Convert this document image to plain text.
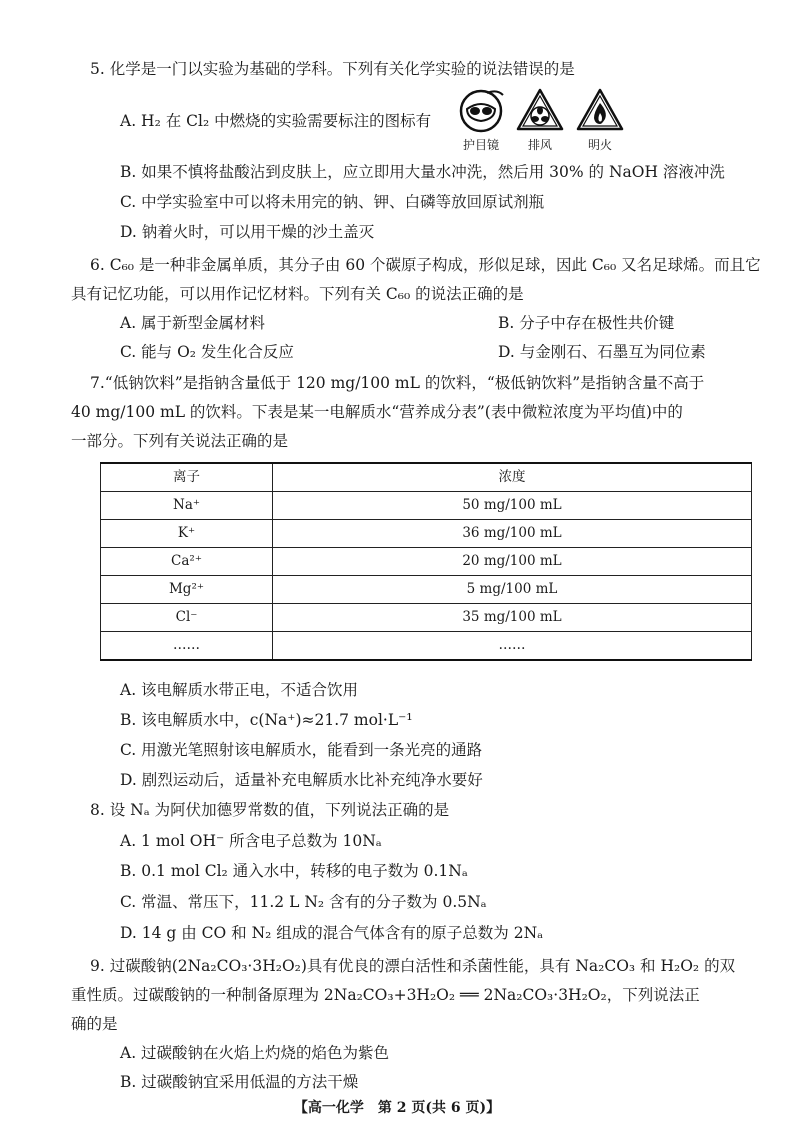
5. 化学是一门以实验为基础的学科。下列有关化学实验的说法错误的是
A. H₂ 在 Cl₂ 中燃烧的实验需要标注的图标有
护目镜	排风	明火
B. 如果不慎将盐酸沾到皮肤上，应立即用大量水冲洗，然后用 30% 的 NaOH 溶液冲洗
C. 中学实验室中可以将未用完的钠、钾、白磷等放回原试剂瓶
D. 钠着火时，可以用干燥的沙土盖灭
6. C₆₀ 是一种非金属单质，其分子由 60 个碳原子构成，形似足球，因此 C₆₀ 又名足球烯。而且它
具有记忆功能，可以用作记忆材料。下列有关 C₆₀ 的说法正确的是
A. 属于新型金属材料	B. 分子中存在极性共价键
C. 能与 O₂ 发生化合反应	D. 与金刚石、石墨互为同位素
7.“低钠饮料”是指钠含量低于 120 mg/100 mL 的饮料，“极低钠饮料”是指钠含量不高于
40 mg/100 mL 的饮料。下表是某一电解质水“营养成分表”(表中微粒浓度为平均值)中的
一部分。下列有关说法正确的是
离子	浓度
Na⁺	50 mg/100 mL
K⁺	36 mg/100 mL
Ca²⁺	20 mg/100 mL
Mg²⁺	5 mg/100 mL
Cl⁻	35 mg/100 mL
……	……
A. 该电解质水带正电，不适合饮用
B. 该电解质水中，c(Na⁺)≈21.7 mol·L⁻¹
C. 用激光笔照射该电解质水，能看到一条光亮的通路
D. 剧烈运动后，适量补充电解质水比补充纯净水要好
8. 设 Nₐ 为阿伏加德罗常数的值，下列说法正确的是
A. 1 mol OH⁻ 所含电子总数为 10Nₐ
B. 0.1 mol Cl₂ 通入水中，转移的电子数为 0.1Nₐ
C. 常温、常压下，11.2 L N₂ 含有的分子数为 0.5Nₐ
D. 14 g 由 CO 和 N₂ 组成的混合气体含有的原子总数为 2Nₐ
9. 过碳酸钠(2Na₂CO₃·3H₂O₂)具有优良的漂白活性和杀菌性能，具有 Na₂CO₃ 和 H₂O₂ 的双
重性质。过碳酸钠的一种制备原理为 2Na₂CO₃+3H₂O₂ ══ 2Na₂CO₃·3H₂O₂，下列说法正
确的是
A. 过碳酸钠在火焰上灼烧的焰色为紫色
B. 过碳酸钠宜采用低温的方法干燥
【高一化学　第 2 页(共 6 页)】
